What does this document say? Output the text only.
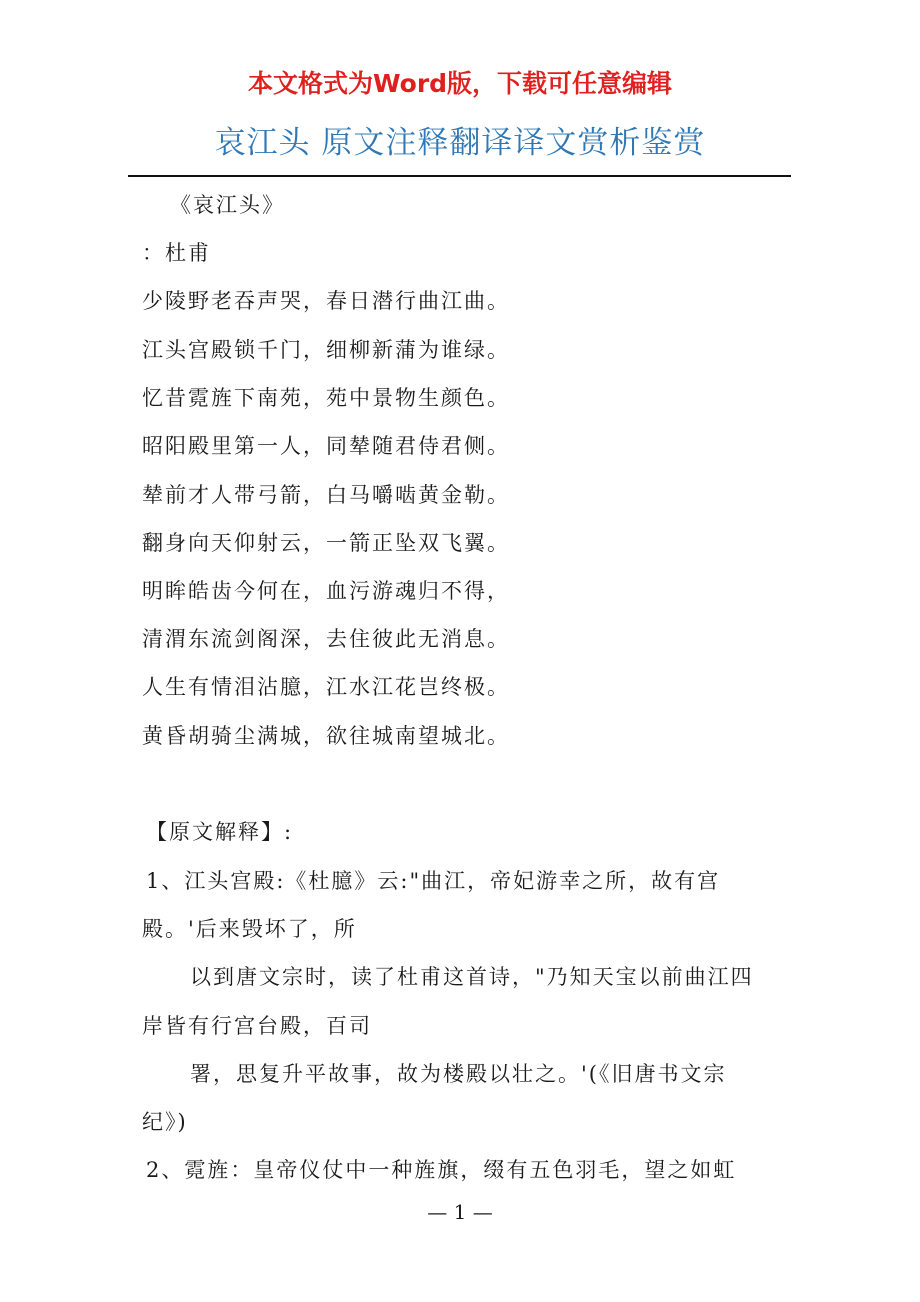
本文格式为Word版，下载可任意编辑
哀江头 原文注释翻译译文赏析鉴赏
《哀江头》
：杜甫
少陵野老吞声哭，春日潜行曲江曲。
江头宫殿锁千门，细柳新蒲为谁绿。
忆昔霓旌下南苑，苑中景物生颜色。
昭阳殿里第一人，同辇随君侍君侧。
辇前才人带弓箭，白马嚼啮黄金勒。
翻身向天仰射云，一箭正坠双飞翼。
明眸皓齿今何在，血污游魂归不得，
清渭东流剑阁深，去住彼此无消息。
人生有情泪沾臆，江水江花岂终极。
黄昏胡骑尘满城，欲往城南望城北。
【原文解释】:
1、江头宫殿:《杜臆》云:"曲江，帝妃游幸之所，故有宫
殿。'后来毁坏了，所
以到唐文宗时，读了杜甫这首诗，"乃知天宝以前曲江四
岸皆有行宫台殿，百司
署，思复升平故事，故为楼殿以壮之。'(《旧唐书文宗
纪》)
2、霓旌：皇帝仪仗中一种旌旗，缀有五色羽毛，望之如虹
— 1 —
